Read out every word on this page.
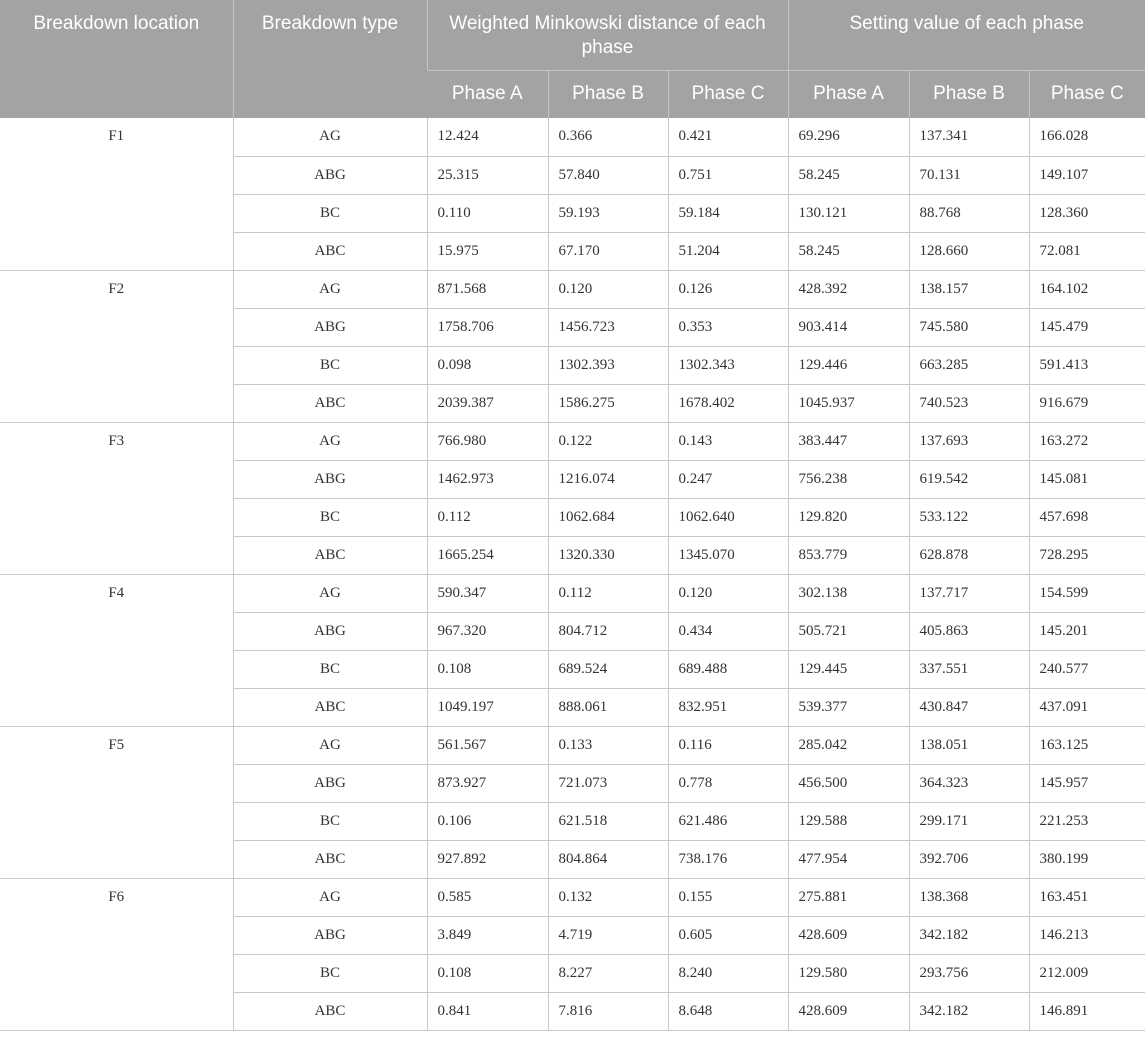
Breakdown location	Breakdown type	Weighted Minkowski distance of each phase			Setting value of each phase		
		Phase A	Phase B	Phase C	Phase A	Phase B	Phase C
F1	AG	12.424	0.366	0.421	69.296	137.341	166.028
	ABG	25.315	57.840	0.751	58.245	70.131	149.107
	BC	0.110	59.193	59.184	130.121	88.768	128.360
	ABC	15.975	67.170	51.204	58.245	128.660	72.081
F2	AG	871.568	0.120	0.126	428.392	138.157	164.102
	ABG	1758.706	1456.723	0.353	903.414	745.580	145.479
	BC	0.098	1302.393	1302.343	129.446	663.285	591.413
	ABC	2039.387	1586.275	1678.402	1045.937	740.523	916.679
F3	AG	766.980	0.122	0.143	383.447	137.693	163.272
	ABG	1462.973	1216.074	0.247	756.238	619.542	145.081
	BC	0.112	1062.684	1062.640	129.820	533.122	457.698
	ABC	1665.254	1320.330	1345.070	853.779	628.878	728.295
F4	AG	590.347	0.112	0.120	302.138	137.717	154.599
	ABG	967.320	804.712	0.434	505.721	405.863	145.201
	BC	0.108	689.524	689.488	129.445	337.551	240.577
	ABC	1049.197	888.061	832.951	539.377	430.847	437.091
F5	AG	561.567	0.133	0.116	285.042	138.051	163.125
	ABG	873.927	721.073	0.778	456.500	364.323	145.957
	BC	0.106	621.518	621.486	129.588	299.171	221.253
	ABC	927.892	804.864	738.176	477.954	392.706	380.199
F6	AG	0.585	0.132	0.155	275.881	138.368	163.451
	ABG	3.849	4.719	0.605	428.609	342.182	146.213
	BC	0.108	8.227	8.240	129.580	293.756	212.009
	ABC	0.841	7.816	8.648	428.609	342.182	146.891
